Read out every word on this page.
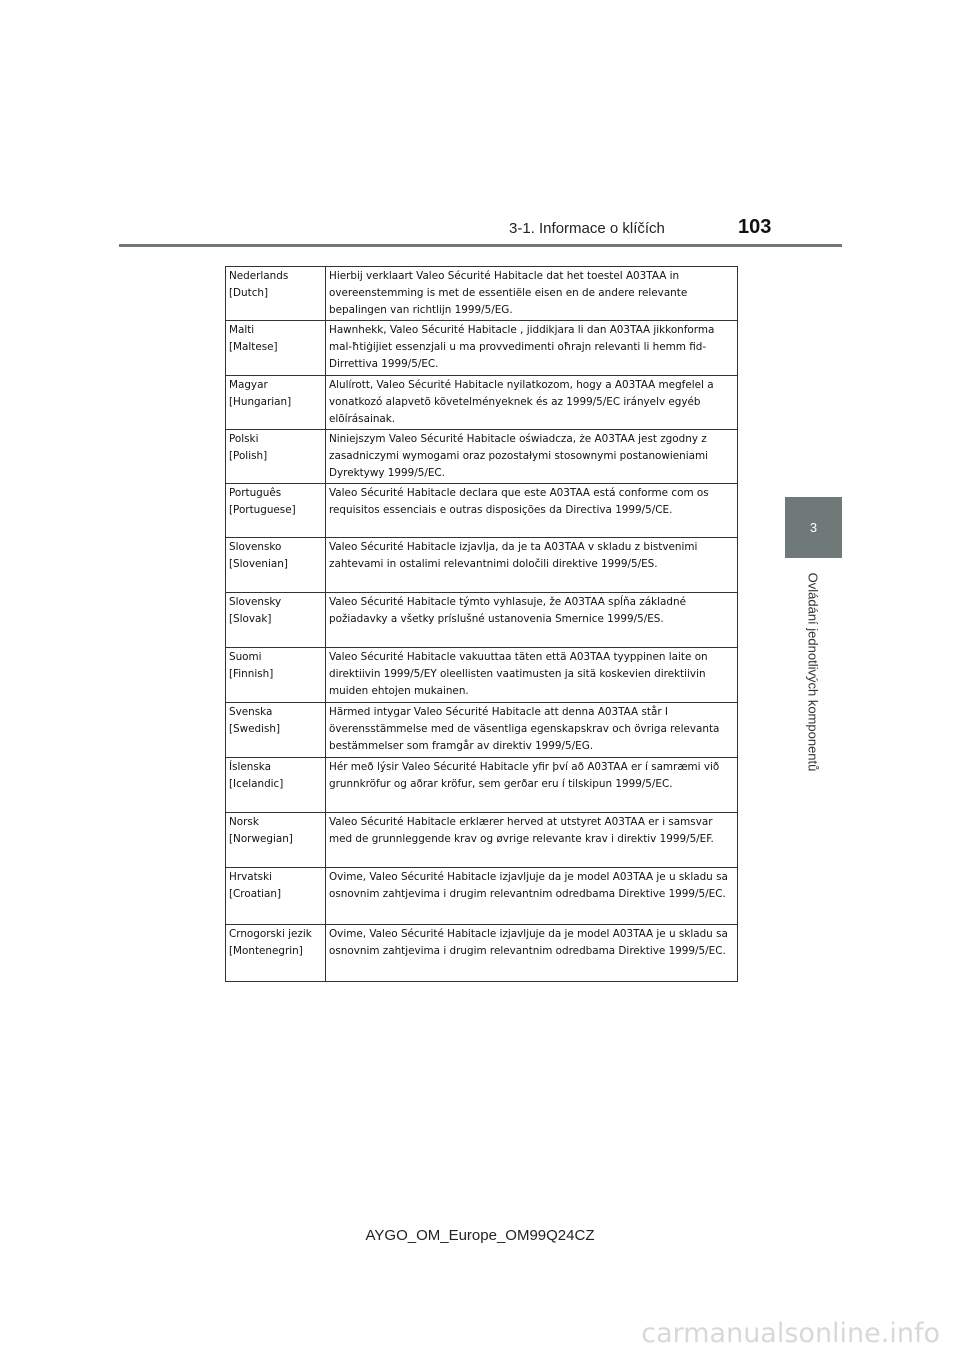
3-1. Informace o klíčích	103
3
Ovládání jednotlivých komponentů
Nederlands
[Dutch]	Hierbij verklaart Valeo Sécurité Habitacle dat het toestel A03TAA in overeenstemming is met de essentiële eisen en de andere relevante bepalingen van richtlijn 1999/5/EG.
Malti
[Maltese]	Hawnhekk, Valeo Sécurité Habitacle , jiddikjara li dan A03TAA jikkonforma mal-ħtiġijiet essenzjali u ma provvedimenti oħrajn relevanti li hemm fid-Dirrettiva 1999/5/EC.
Magyar
[Hungarian]	Alulírott, Valeo Sécurité Habitacle nyilatkozom, hogy a A03TAA megfelel a vonatkozó alapvetõ követelményeknek és az 1999/5/EC irányelv egyéb elõírásainak.
Polski
[Polish]	Niniejszym Valeo Sécurité Habitacle oświadcza, że A03TAA jest zgodny z zasadniczymi wymogami oraz pozostałymi stosownymi postanowieniami Dyrektywy 1999/5/EC.
Português
[Portuguese]	Valeo Sécurité Habitacle declara que este A03TAA está conforme com os requisitos essenciais e outras disposições da Directiva 1999/5/CE.
Slovensko
[Slovenian]	Valeo Sécurité Habitacle izjavlja, da je ta A03TAA v skladu z bistvenimi zahtevami in ostalimi relevantnimi določili direktive 1999/5/ES.
Slovensky
[Slovak]	Valeo Sécurité Habitacle týmto vyhlasuje, že A03TAA spĺňa základné požiadavky a všetky príslušné ustanovenia Smernice 1999/5/ES.
Suomi
[Finnish]	Valeo Sécurité Habitacle vakuuttaa täten että A03TAA tyyppinen laite on direktiivin 1999/5/EY oleellisten vaatimusten ja sitä koskevien direktiivin muiden ehtojen mukainen.
Svenska
[Swedish]	Härmed intygar Valeo Sécurité Habitacle att denna A03TAA står I överensstämmelse med de väsentliga egenskapskrav och övriga relevanta bestämmelser som framgår av direktiv 1999/5/EG.
Íslenska
[Icelandic]	Hér með lýsir Valeo Sécurité Habitacle yfir því að A03TAA er í samræmi við grunnkröfur og aðrar kröfur, sem gerðar eru í tilskipun 1999/5/EC.
Norsk
[Norwegian]	Valeo Sécurité Habitacle erklærer herved at utstyret A03TAA er i samsvar med de grunnleggende krav og øvrige relevante krav i direktiv 1999/5/EF.
Hrvatski
[Croatian]	Ovime, Valeo Sécurité Habitacle izjavljuje da je model A03TAA je u skladu sa osnovnim zahtjevima i drugim relevantnim odredbama Direktive 1999/5/EC.
Crnogorski jezik
[Montenegrin]	Ovime, Valeo Sécurité Habitacle izjavljuje da je model A03TAA je u skladu sa osnovnim zahtjevima i drugim relevantnim odredbama Direktive 1999/5/EC.
AYGO_OM_Europe_OM99Q24CZ
carmanualsonline.info
